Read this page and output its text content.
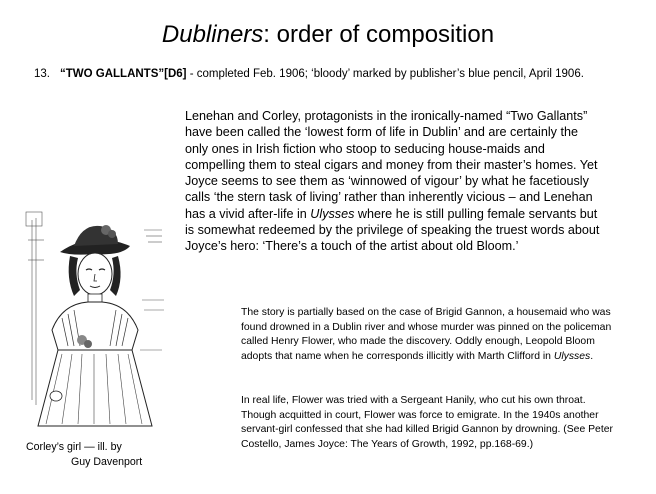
Dubliners: order of composition
13. “TWO GALLANTS”[D6] - completed Feb. 1906; ‘bloody’ marked by publisher’s blue pencil, April 1906.
Lenehan and Corley, protagonists in the ironically-named “Two Gallants” have been called the ‘lowest form of life in Dublin’ and are certainly the only ones in Irish fiction who stoop to seducing house-maids and compelling them to steal cigars and money from their master’s homes. Yet Joyce seems to see them as ‘winnowed of vigour’ by what he facetiously calls ‘the stern task of living’ rather than inherently vicious – and Lenehan has a vivid after-life in Ulysses where he is still pulling female servants but is somewhat redeemed by the privilege of speaking the truest words about Joyce’s hero: ‘There’s a touch of the artist about old Bloom.’
The story is partially based on the case of Brigid Gannon, a housemaid who was found drowned in a Dublin river and whose murder was pinned on the policeman called Henry Flower, who made the discovery. Oddly enough, Leopold Bloom adopts that name when he corresponds illicitly with Marth Clifford in Ulysses.
In real life, Flower was tried with a Sergeant Hanily, who cut his own throat. Though acquitted in court, Flower was force to emigrate. In the 1940s another servant-girl confessed that she had killed Brigid Gannon by drowning. (See Peter Costello, James Joyce: The Years of Growth, 1992, pp.168-69.)
Corley’s girl — ill. by
Guy Davenport
